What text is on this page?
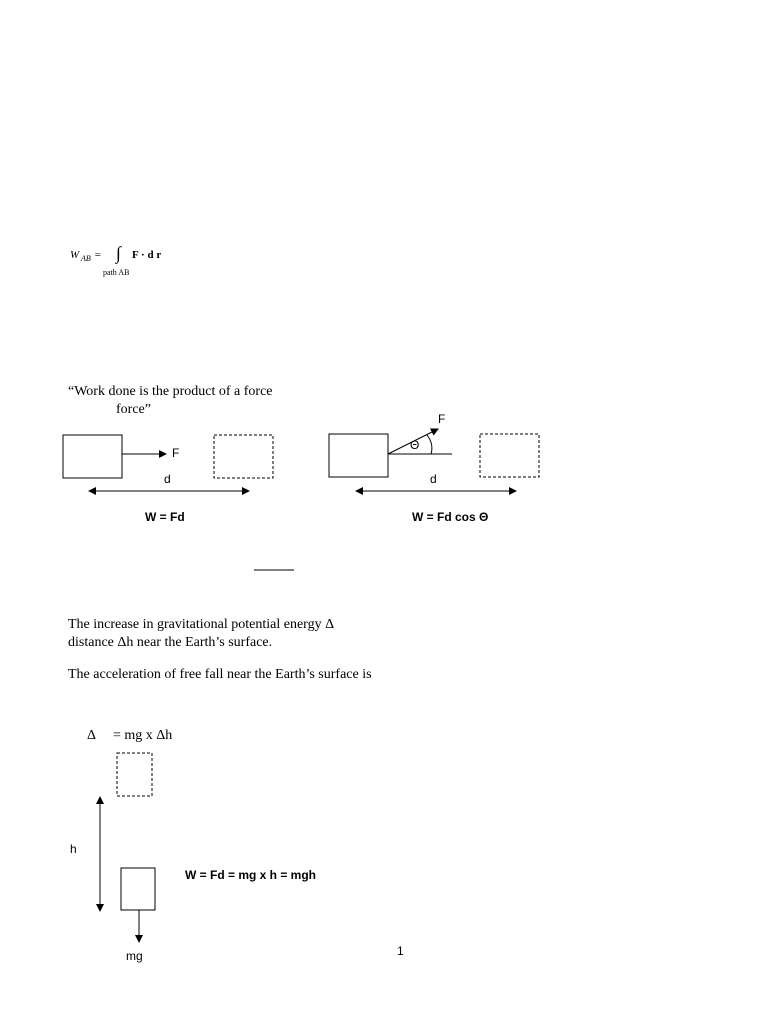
W AB = ∫
path AB
F · d r
“Work done is the product of a force
force”
F
d
W = Fd
F
Θ
d
W = Fd cos Θ
The increase in gravitational potential energy Δ
distance Δh near the Earth’s surface.
The acceleration of free fall near the Earth’s surface is
Δ = mg x Δh
h
mg
W = Fd = mg x h = mgh
1
